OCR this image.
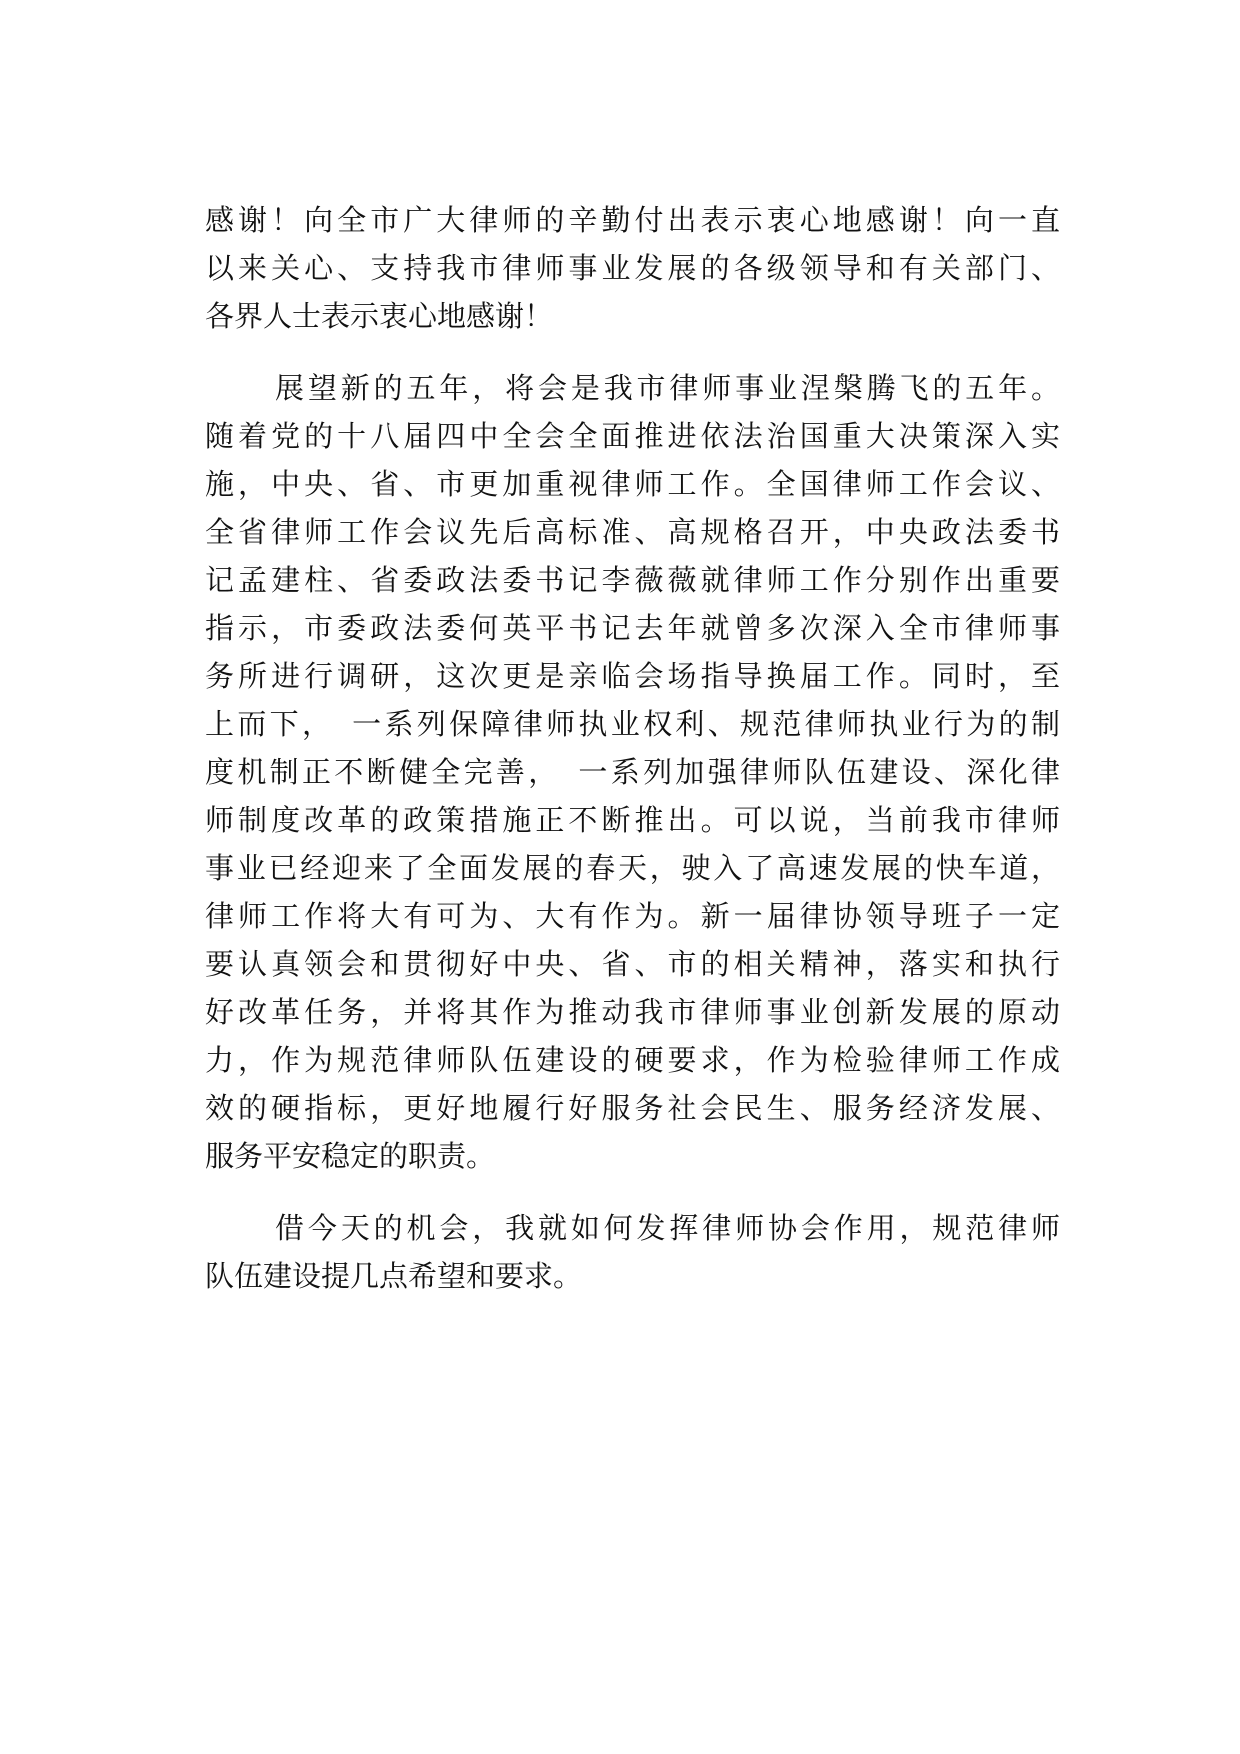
感谢！向全市广大律师的辛勤付出表示衷心地感谢！向一直
以来关心、支持我市律师事业发展的各级领导和有关部门、
各界人士表示衷心地感谢！
展望新的五年，将会是我市律师事业涅槃腾飞的五年。
随着党的十八届四中全会全面推进依法治国重大决策深入实
施，中央、省、市更加重视律师工作。全国律师工作会议、
全省律师工作会议先后高标准、高规格召开，中央政法委书
记孟建柱、省委政法委书记李薇薇就律师工作分别作出重要
指示，市委政法委何英平书记去年就曾多次深入全市律师事
务所进行调研，这次更是亲临会场指导换届工作。同时，至
上而下，　一系列保障律师执业权利、规范律师执业行为的制
度机制正不断健全完善，　一系列加强律师队伍建设、深化律
师制度改革的政策措施正不断推出。可以说，当前我市律师
事业已经迎来了全面发展的春天，驶入了高速发展的快车道，
律师工作将大有可为、大有作为。新一届律协领导班子一定
要认真领会和贯彻好中央、省、市的相关精神，落实和执行
好改革任务，并将其作为推动我市律师事业创新发展的原动
力，作为规范律师队伍建设的硬要求，作为检验律师工作成
效的硬指标，更好地履行好服务社会民生、服务经济发展、
服务平安稳定的职责。
借今天的机会，我就如何发挥律师协会作用，规范律师
队伍建设提几点希望和要求。
